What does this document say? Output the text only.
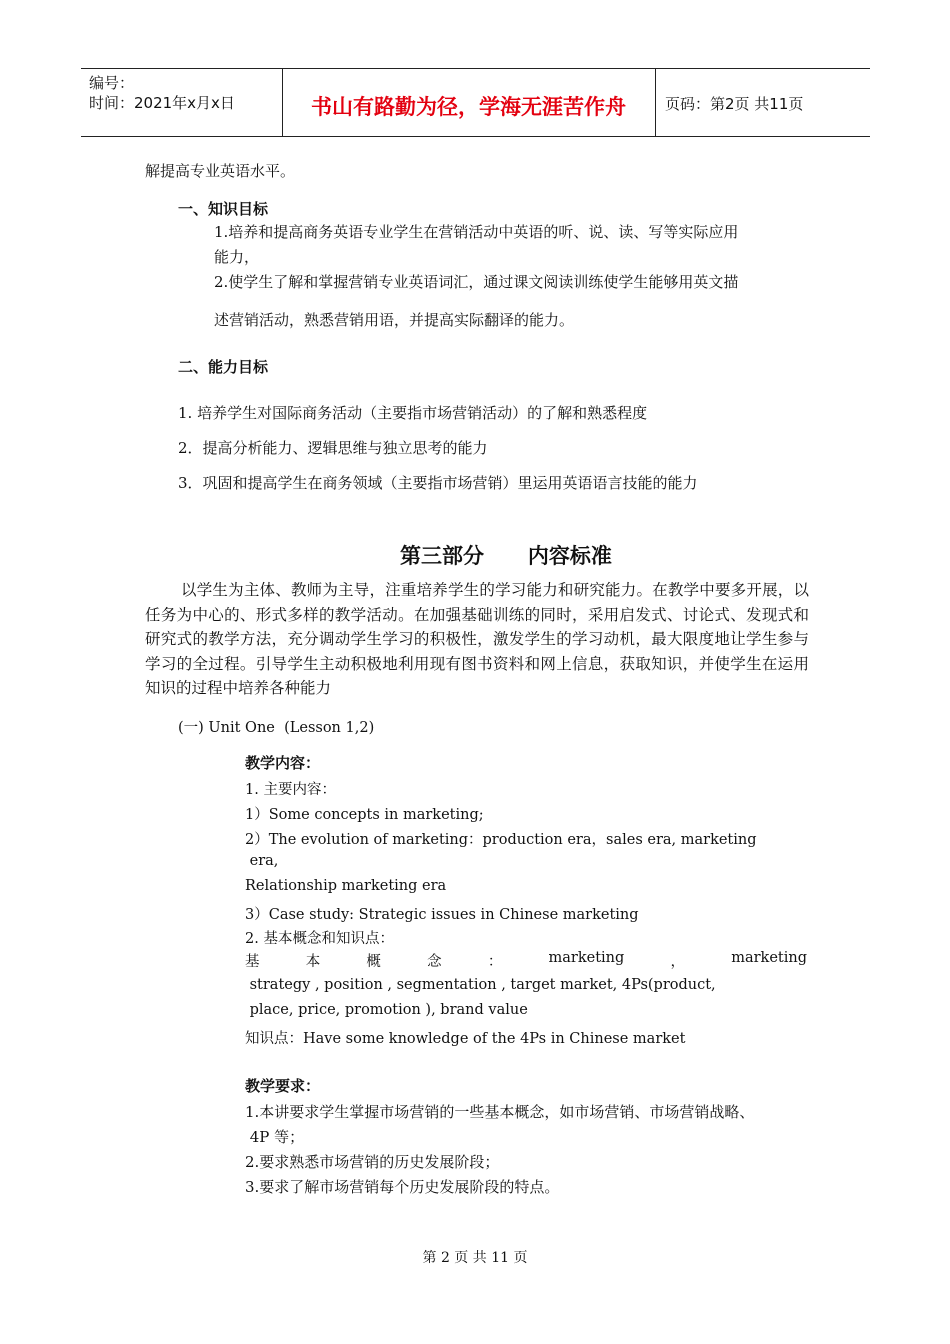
编号：
时间：2021年x月x日	书山有路勤为径，学海无涯苦作舟	页码：第2页 共11页
解提高专业英语水平。
一、知识目标
1.培养和提高商务英语专业学生在营销活动中英语的听、说、读、写等实际应用
能力，
2.使学生了解和掌握营销专业英语词汇，通过课文阅读训练使学生能够用英文描
述营销活动，熟悉营销用语，并提高实际翻译的能力。
二、能力目标
1. 培养学生对国际商务活动（主要指市场营销活动）的了解和熟悉程度
2．提高分析能力、逻辑思维与独立思考的能力
3．巩固和提高学生在商务领域（主要指市场营销）里运用英语语言技能的能力
第三部分      内容标准
以学生为主体、教师为主导，注重培养学生的学习能力和研究能力。在教学中要多开展，以任务为中心的、形式多样的教学活动。在加强基础训练的同时，采用启发式、讨论式、发现式和研究式的教学方法，充分调动学生学习的积极性，激发学生的学习动机，最大限度地让学生参与学习的全过程。引导学生主动积极地利用现有图书资料和网上信息，获取知识，并使学生在运用知识的过程中培养各种能力
(一) Unit One  (Lesson 1,2)
教学内容：
1. 主要内容：
1）Some concepts in marketing;
2）The evolution of marketing：production era，sales era, marketing
era,
Relationship marketing era
3）Case study: Strategic issues in Chinese marketing
2. 基本概念和知识点：
基	本	概	念	：	marketing	，	marketing
strategy , position , segmentation , target market, 4Ps(product,
place, price, promotion ), brand value
知识点：Have some knowledge of the 4Ps in Chinese market
教学要求：
1.本讲要求学生掌握市场营销的一些基本概念，如市场营销、市场营销战略、
4P 等；
2.要求熟悉市场营销的历史发展阶段；
3.要求了解市场营销每个历史发展阶段的特点。
第 2 页 共 11 页
